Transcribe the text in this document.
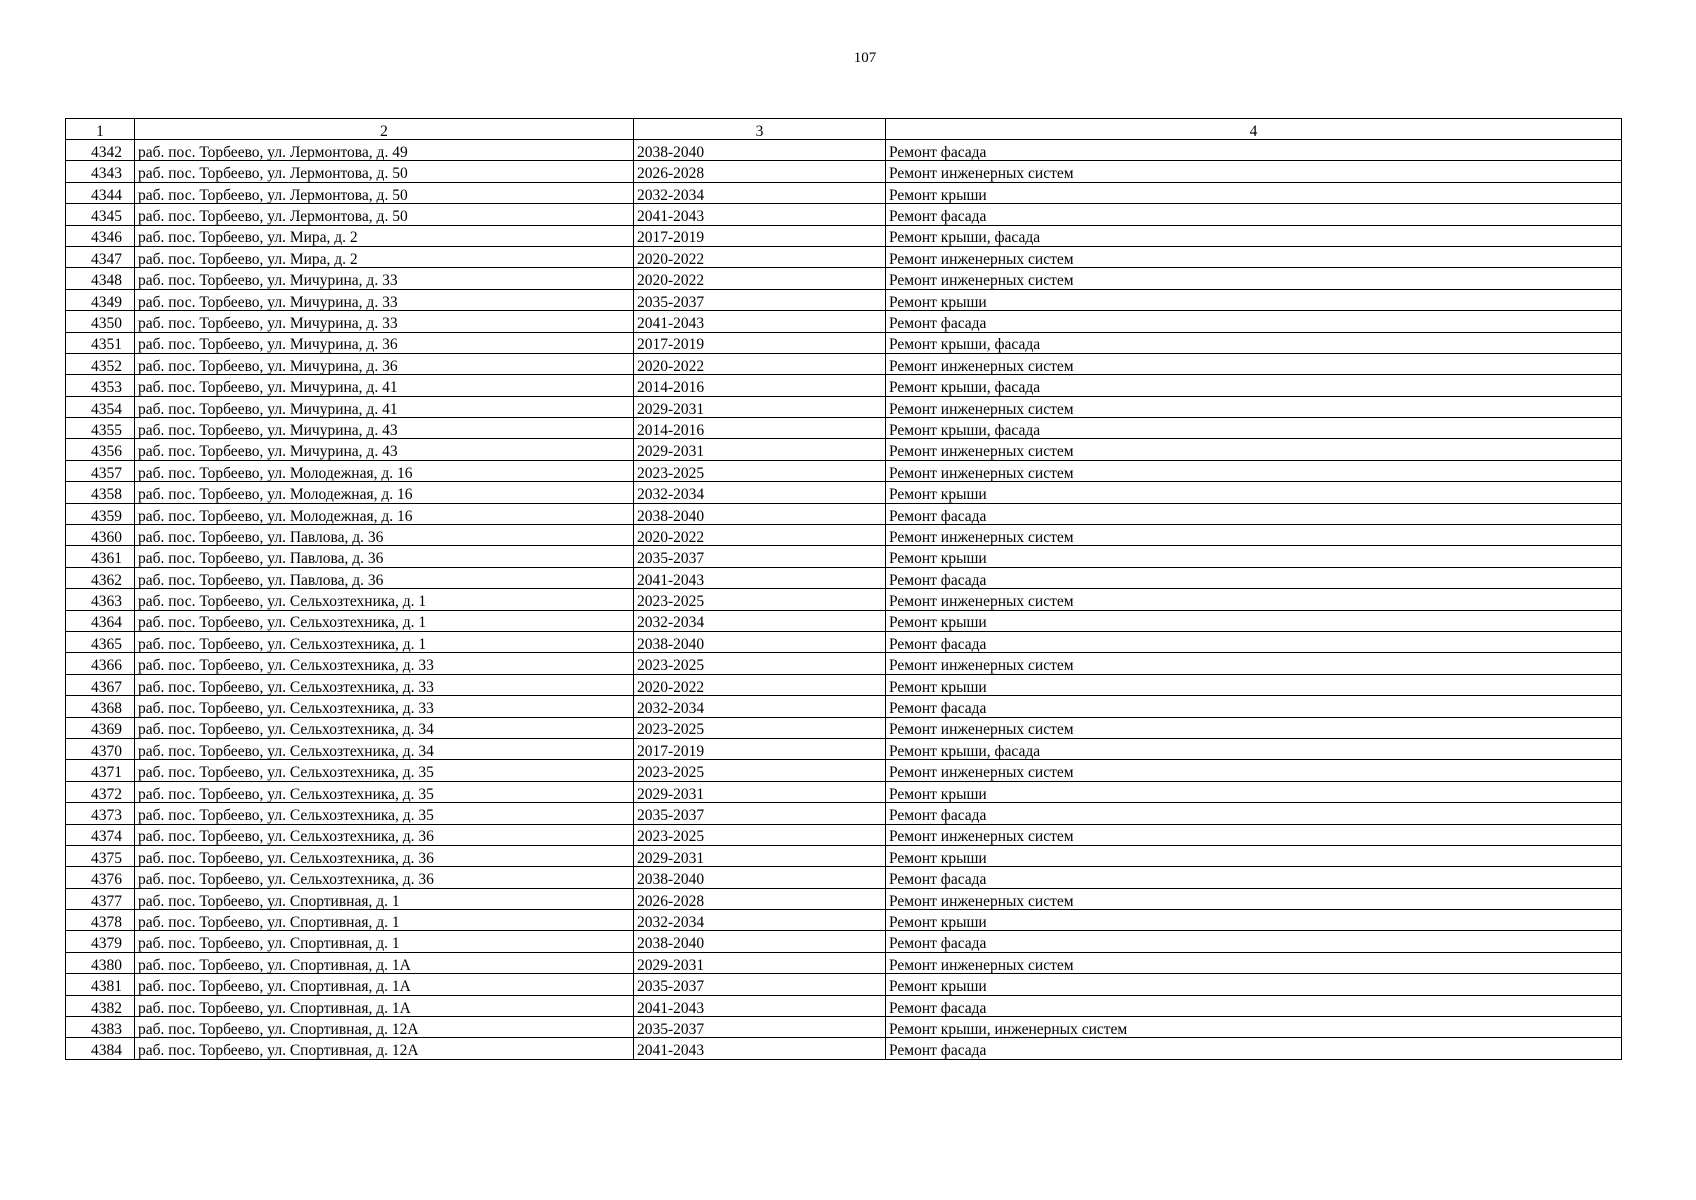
107
1	2	3	4
4342	раб. пос. Торбеево, ул. Лермонтова, д. 49	2038-2040	Ремонт фасада
4343	раб. пос. Торбеево, ул. Лермонтова, д. 50	2026-2028	Ремонт инженерных систем
4344	раб. пос. Торбеево, ул. Лермонтова, д. 50	2032-2034	Ремонт крыши
4345	раб. пос. Торбеево, ул. Лермонтова, д. 50	2041-2043	Ремонт фасада
4346	раб. пос. Торбеево, ул. Мира, д. 2	2017-2019	Ремонт крыши, фасада
4347	раб. пос. Торбеево, ул. Мира, д. 2	2020-2022	Ремонт инженерных систем
4348	раб. пос. Торбеево, ул. Мичурина, д. 33	2020-2022	Ремонт инженерных систем
4349	раб. пос. Торбеево, ул. Мичурина, д. 33	2035-2037	Ремонт крыши
4350	раб. пос. Торбеево, ул. Мичурина, д. 33	2041-2043	Ремонт фасада
4351	раб. пос. Торбеево, ул. Мичурина, д. 36	2017-2019	Ремонт крыши, фасада
4352	раб. пос. Торбеево, ул. Мичурина, д. 36	2020-2022	Ремонт инженерных систем
4353	раб. пос. Торбеево, ул. Мичурина, д. 41	2014-2016	Ремонт крыши, фасада
4354	раб. пос. Торбеево, ул. Мичурина, д. 41	2029-2031	Ремонт инженерных систем
4355	раб. пос. Торбеево, ул. Мичурина, д. 43	2014-2016	Ремонт крыши, фасада
4356	раб. пос. Торбеево, ул. Мичурина, д. 43	2029-2031	Ремонт инженерных систем
4357	раб. пос. Торбеево, ул. Молодежная, д. 16	2023-2025	Ремонт инженерных систем
4358	раб. пос. Торбеево, ул. Молодежная, д. 16	2032-2034	Ремонт крыши
4359	раб. пос. Торбеево, ул. Молодежная, д. 16	2038-2040	Ремонт фасада
4360	раб. пос. Торбеево, ул. Павлова, д. 36	2020-2022	Ремонт инженерных систем
4361	раб. пос. Торбеево, ул. Павлова, д. 36	2035-2037	Ремонт крыши
4362	раб. пос. Торбеево, ул. Павлова, д. 36	2041-2043	Ремонт фасада
4363	раб. пос. Торбеево, ул. Сельхозтехника, д. 1	2023-2025	Ремонт инженерных систем
4364	раб. пос. Торбеево, ул. Сельхозтехника, д. 1	2032-2034	Ремонт крыши
4365	раб. пос. Торбеево, ул. Сельхозтехника, д. 1	2038-2040	Ремонт фасада
4366	раб. пос. Торбеево, ул. Сельхозтехника, д. 33	2023-2025	Ремонт инженерных систем
4367	раб. пос. Торбеево, ул. Сельхозтехника, д. 33	2020-2022	Ремонт крыши
4368	раб. пос. Торбеево, ул. Сельхозтехника, д. 33	2032-2034	Ремонт фасада
4369	раб. пос. Торбеево, ул. Сельхозтехника, д. 34	2023-2025	Ремонт инженерных систем
4370	раб. пос. Торбеево, ул. Сельхозтехника, д. 34	2017-2019	Ремонт крыши, фасада
4371	раб. пос. Торбеево, ул. Сельхозтехника, д. 35	2023-2025	Ремонт инженерных систем
4372	раб. пос. Торбеево, ул. Сельхозтехника, д. 35	2029-2031	Ремонт крыши
4373	раб. пос. Торбеево, ул. Сельхозтехника, д. 35	2035-2037	Ремонт фасада
4374	раб. пос. Торбеево, ул. Сельхозтехника, д. 36	2023-2025	Ремонт инженерных систем
4375	раб. пос. Торбеево, ул. Сельхозтехника, д. 36	2029-2031	Ремонт крыши
4376	раб. пос. Торбеево, ул. Сельхозтехника, д. 36	2038-2040	Ремонт фасада
4377	раб. пос. Торбеево, ул. Спортивная, д. 1	2026-2028	Ремонт инженерных систем
4378	раб. пос. Торбеево, ул. Спортивная, д. 1	2032-2034	Ремонт крыши
4379	раб. пос. Торбеево, ул. Спортивная, д. 1	2038-2040	Ремонт фасада
4380	раб. пос. Торбеево, ул. Спортивная, д. 1А	2029-2031	Ремонт инженерных систем
4381	раб. пос. Торбеево, ул. Спортивная, д. 1А	2035-2037	Ремонт крыши
4382	раб. пос. Торбеево, ул. Спортивная, д. 1А	2041-2043	Ремонт фасада
4383	раб. пос. Торбеево, ул. Спортивная, д. 12А	2035-2037	Ремонт крыши, инженерных систем
4384	раб. пос. Торбеево, ул. Спортивная, д. 12А	2041-2043	Ремонт фасада
